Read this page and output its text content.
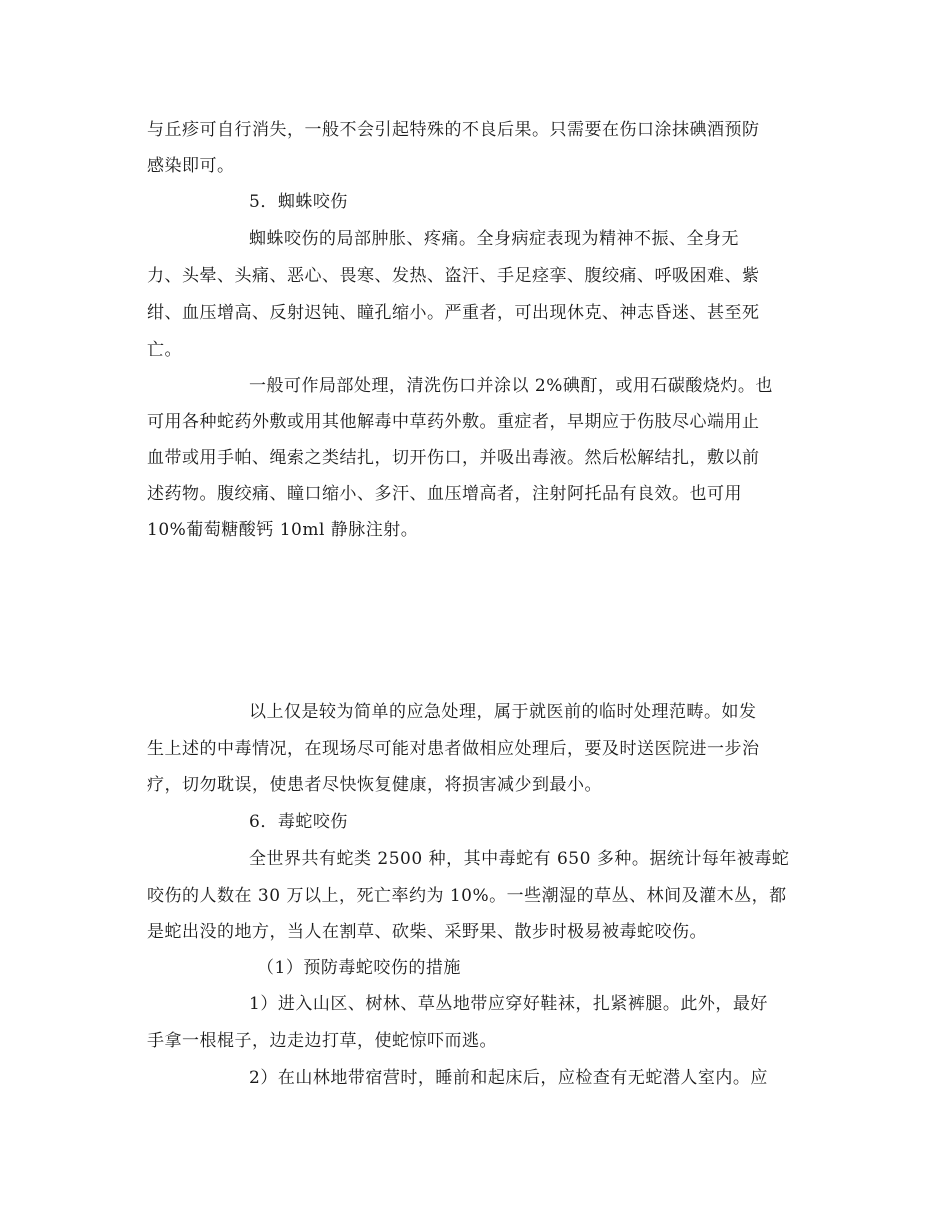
与丘疹可自行消失，一般不会引起特殊的不良后果。只需要在伤口涂抹碘酒预防
感染即可。
5．蜘蛛咬伤
蜘蛛咬伤的局部肿胀、疼痛。全身病症表现为精神不振、全身无
力、头晕、头痛、恶心、畏寒、发热、盗汗、手足痉挛、腹绞痛、呼吸困难、紫
绀、血压增高、反射迟钝、瞳孔缩小。严重者，可出现休克、神志昏迷、甚至死
亡。
一般可作局部处理，清洗伤口并涂以 2%碘酊，或用石碳酸烧灼。也
可用各种蛇药外敷或用其他解毒中草药外敷。重症者，早期应于伤肢尽心端用止
血带或用手帕、绳索之类结扎，切开伤口，并吸出毒液。然后松解结扎，敷以前
述药物。腹绞痛、瞳口缩小、多汗、血压增高者，注射阿托品有良效。也可用
10%葡萄糖酸钙 10ml 静脉注射。
以上仅是较为简单的应急处理，属于就医前的临时处理范畴。如发
生上述的中毒情况，在现场尽可能对患者做相应处理后，要及时送医院进一步治
疗，切勿耽误，使患者尽快恢复健康，将损害减少到最小。
6．毒蛇咬伤
全世界共有蛇类 2500 种，其中毒蛇有 650 多种。据统计每年被毒蛇
咬伤的人数在 30 万以上，死亡率约为 10%。一些潮湿的草丛、林间及灌木丛，都
是蛇出没的地方，当人在割草、砍柴、采野果、散步时极易被毒蛇咬伤。
（1）预防毒蛇咬伤的措施
1）进入山区、树林、草丛地带应穿好鞋袜，扎紧裤腿。此外，最好
手拿一根棍子，边走边打草，使蛇惊吓而逃。
2）在山林地带宿营时，睡前和起床后，应检查有无蛇潜人室内。应
